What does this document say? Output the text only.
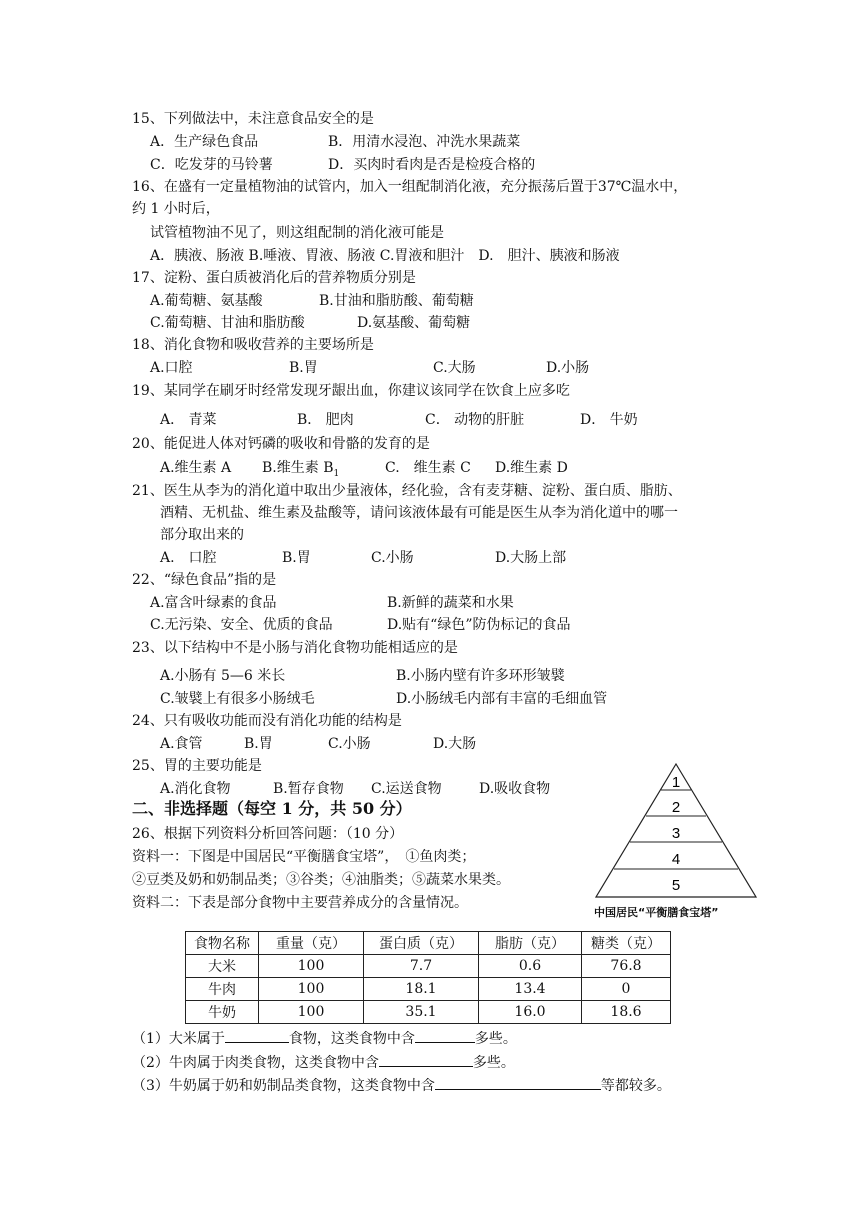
15、下列做法中，未注意食品安全的是
A．生产绿色食品	B．用清水浸泡、冲洗水果蔬菜
C．吃发芽的马铃薯	D．买肉时看肉是否是检疫合格的
16、在盛有一定量植物油的试管内，加入一组配制消化液，充分振荡后置于37℃温水中，
约 1 小时后，
试管植物油不见了，则这组配制的消化液可能是
A．胰液、肠液 B.唾液、胃液、肠液 C.胃液和胆汁　D.　胆汁、胰液和肠液
17、淀粉、蛋白质被消化后的营养物质分别是
A.葡萄糖、氨基酸	B.甘油和脂肪酸、葡萄糖
C.葡萄糖、甘油和脂肪酸	D.氨基酸、葡萄糖
18、消化食物和吸收营养的主要场所是
A.口腔	B.胃	C.大肠	D.小肠
19、某同学在刷牙时经常发现牙龈出血，你建议该同学在饮食上应多吃
A． 青菜	B． 肥肉	C． 动物的肝脏	D． 牛奶
20、能促进人体对钙磷的吸收和骨骼的发育的是
A.维生素 A B.维生素 $B_1$	C.　维生素 C D.维生素 D
21、医生从李为的消化道中取出少量液体，经化验，含有麦芽糖、淀粉、蛋白质、脂肪、
酒精、无机盐、维生素及盐酸等，请问该液体最有可能是医生从李为消化道中的哪一
部分取出来的
A.　口腔	B.胃	C.小肠	D.大肠上部
22、“绿色食品”指的是
A.富含叶绿素的食品	B.新鲜的蔬菜和水果
C.无污染、安全、优质的食品	D.贴有“绿色”防伪标记的食品
23、以下结构中不是小肠与消化食物功能相适应的是
A.小肠有 5—6 米长	B.小肠内壁有许多环形皱襞
C.皱襞上有很多小肠绒毛	D.小肠绒毛内部有丰富的毛细血管
24、只有吸收功能而没有消化功能的结构是
A.食管	B.胃	C.小肠	D.大肠
25、胃的主要功能是
A.消化食物	B.暂存食物 C.运送食物	D.吸收食物
二、非选择题（每空 1 分，共 50 分）
26、根据下列资料分析回答问题：（10 分）
资料一：下图是中国居民“平衡膳食宝塔”，　①鱼肉类；
②豆类及奶和奶制品类；③谷类；④油脂类；⑤蔬菜水果类。
资料二：下表是部分食物中主要营养成分的含量情况。
1
2
3
4
5
中国居民“平衡膳食宝塔”
食物名称	重量（克）	蛋白质（克）	脂肪（克）	糖类（克）
大米	100	7.7	0.6	76.8
牛肉	100	18.1	13.4	0
牛奶	100	35.1	16.0	18.6
（1）大米属于	食物，这类食物中含	多些。
（2）牛肉属于肉类食物，这类食物中含	多些。
（3）牛奶属于奶和奶制品类食物，这类食物中含	等都较多。
